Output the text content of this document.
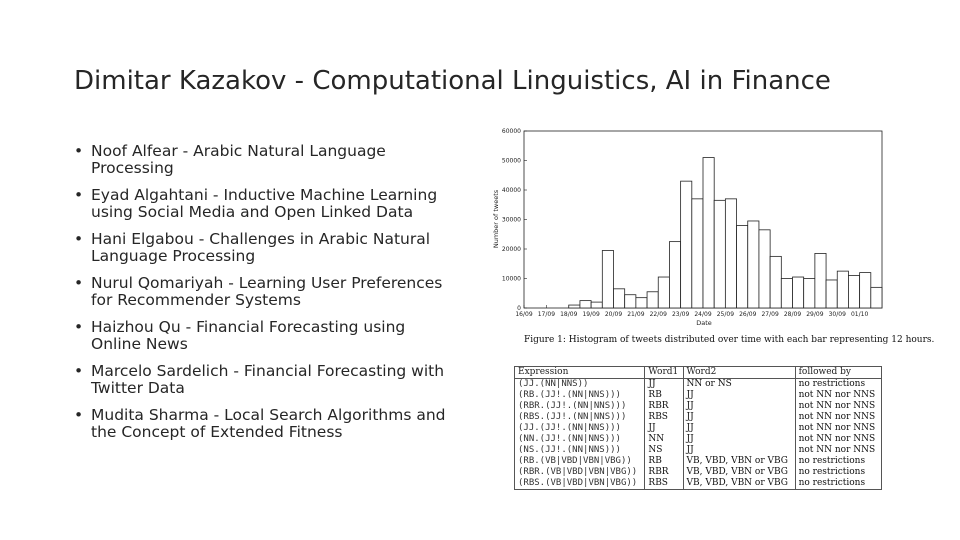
Dimitar Kazakov - Computational Linguistics, AI in Finance
• Noof Alfear - Arabic Natural Language
Processing
• Eyad Algahtani - Inductive Machine Learning
using Social Media and Open Linked Data
• Hani Elgabou - Challenges in Arabic Natural
Language Processing
• Nurul Qomariyah - Learning User Preferences
for Recommender Systems
• Haizhou Qu - Financial Forecasting using
Online News
• Marcelo Sardelich - Financial Forecasting with
Twitter Data
• Mudita Sharma - Local Search Algorithms and
the Concept of Extended Fitness
0
10000
20000
30000
40000
50000
60000
16/09 17/09 18/09 19/09 20/09 21/09 22/09 23/09 24/09 25/09 26/09 27/09 28/09 29/09 30/09 01/10
Number of tweets
Date
Figure 1: Histogram of tweets distributed over time with each bar representing 12 hours.
Expression	Word1	Word2	followed by
(JJ.(NN|NNS))	JJ	NN or NS	no restrictions
(RB.(JJ!.(NN|NNS)))	RB	JJ	not NN nor NNS
(RBR.(JJ!.(NN|NNS)))	RBR	JJ	not NN nor NNS
(RBS.(JJ!.(NN|NNS)))	RBS	JJ	not NN nor NNS
(JJ.(JJ!.(NN|NNS)))	JJ	JJ	not NN nor NNS
(NN.(JJ!.(NN|NNS)))	NN	JJ	not NN nor NNS
(NS.(JJ!.(NN|NNS)))	NS	JJ	not NN nor NNS
(RB.(VB|VBD|VBN|VBG))	RB	VB, VBD, VBN or VBG	no restrictions
(RBR.(VB|VBD|VBN|VBG))	RBR	VB, VBD, VBN or VBG	no restrictions
(RBS.(VB|VBD|VBN|VBG))	RBS	VB, VBD, VBN or VBG	no restrictions
